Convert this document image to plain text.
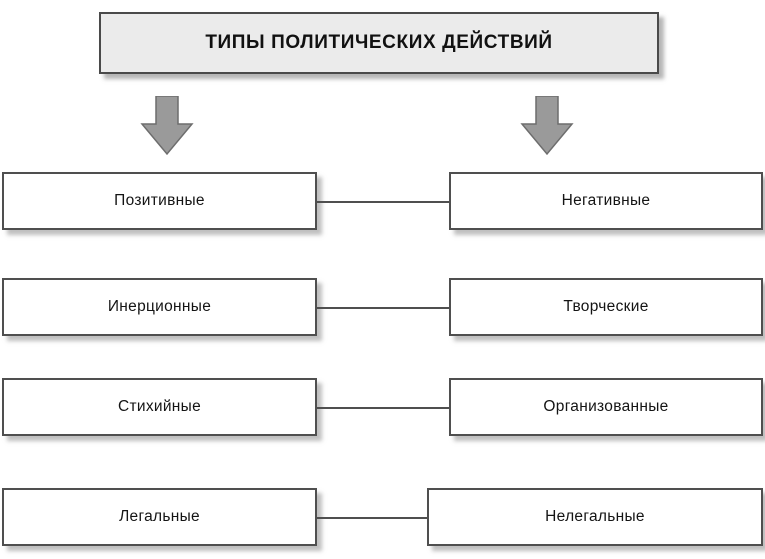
ТИПЫ ПОЛИТИЧЕСКИХ ДЕЙСТВИЙ
Позитивные	Негативные
Инерционные	Творческие
Стихийные	Организованные
Легальные	Нелегальные
